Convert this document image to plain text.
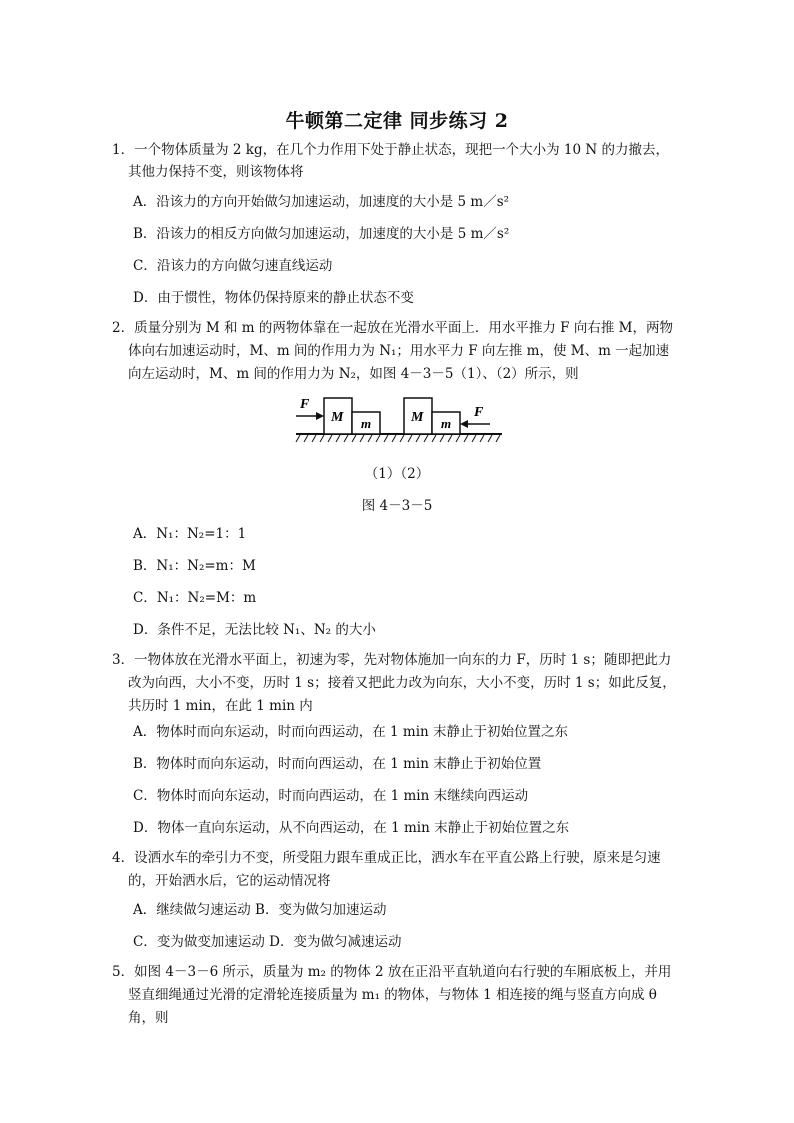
牛顿第二定律 同步练习 2
1．一个物体质量为 2 kg，在几个力作用下处于静止状态，现把一个大小为 10 N 的力撤去，
其他力保持不变，则该物体将
A．沿该力的方向开始做匀加速运动，加速度的大小是 5 m／s²
B．沿该力的相反方向做匀加速运动，加速度的大小是 5 m／s²
C．沿该力的方向做匀速直线运动
D．由于惯性，物体仍保持原来的静止状态不变
2．质量分别为 M 和 m 的两物体靠在一起放在光滑水平面上．用水平推力 F 向右推 M，两物
体向右加速运动时，M、m 间的作用力为 N₁；用水平力 F 向左推 m，使 M、m 一起加速
向左运动时，M、m 间的作用力为 N₂，如图 4－3－5（1）、（2）所示，则
F
M m	M m
F
（1）（2）
图 4－3－5
A．N₁：N₂=1：1
B．N₁：N₂=m：M
C．N₁：N₂=M：m
D．条件不足，无法比较 N₁、N₂ 的大小
3．一物体放在光滑水平面上，初速为零，先对物体施加一向东的力 F，历时 1 s；随即把此力
改为向西，大小不变，历时 1 s；接着又把此力改为向东，大小不变，历时 1 s；如此反复，
共历时 1 min，在此 1 min 内
A．物体时而向东运动，时而向西运动，在 1 min 末静止于初始位置之东
B．物体时而向东运动，时而向西运动，在 1 min 末静止于初始位置
C．物体时而向东运动，时而向西运动，在 1 min 末继续向西运动
D．物体一直向东运动，从不向西运动，在 1 min 末静止于初始位置之东
4．设洒水车的牵引力不变，所受阻力跟车重成正比，洒水车在平直公路上行驶，原来是匀速
的，开始洒水后，它的运动情况将
A．继续做匀速运动 B．变为做匀加速运动
C．变为做变加速运动 D．变为做匀减速运动
5．如图 4－3－6 所示，质量为 m₂ 的物体 2 放在正沿平直轨道向右行驶的车厢底板上，并用
竖直细绳通过光滑的定滑轮连接质量为 m₁ 的物体，与物体 1 相连接的绳与竖直方向成 θ
角，则
